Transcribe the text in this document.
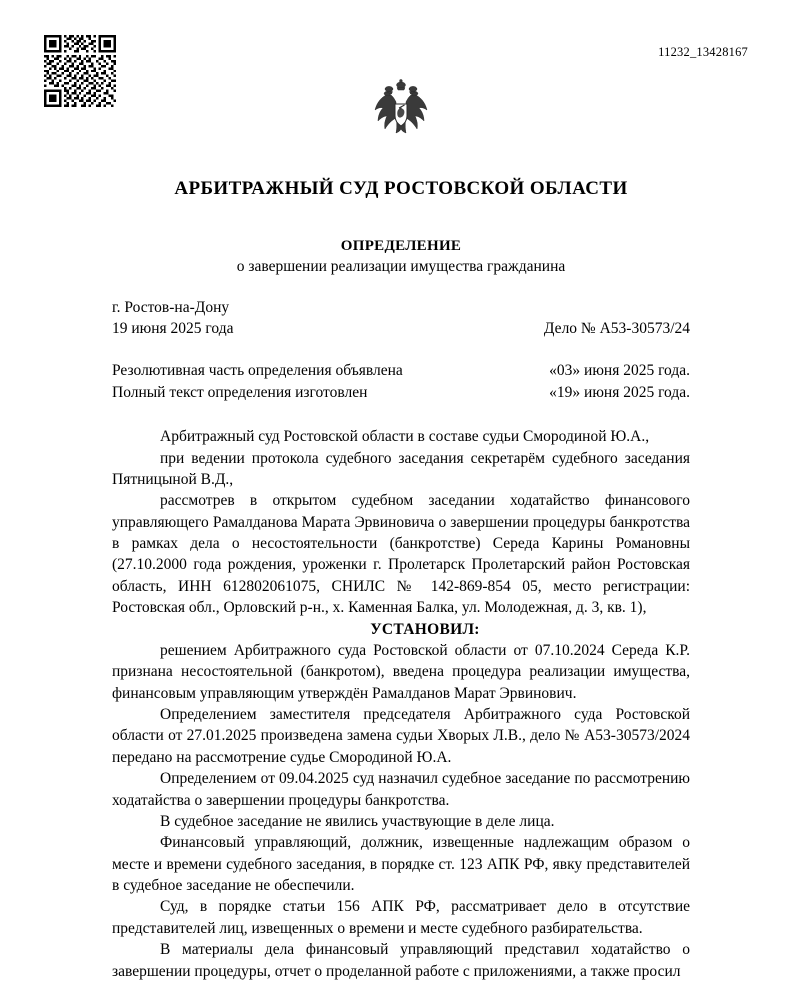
11232_13428167
АРБИТРАЖНЫЙ СУД РОСТОВСКОЙ ОБЛАСТИ
ОПРЕДЕЛЕНИЕ
о завершении реализации имущества гражданина
г. Ростов-на-Дону
19 июня 2025 года	Дело № А53-30573/24
Резолютивная часть определения объявлена	«03» июня 2025 года.
Полный текст определения изготовлен	«19» июня 2025 года.

Арбитражный суд Ростовской области в составе судьи Смородиной Ю.А.,

при ведении протокола судебного заседания секретарём судебного заседания Пятницыной В.Д.,

рассмотрев в открытом судебном заседании ходатайство финансового управляющего Рамалданова Марата Эрвиновича о завершении процедуры банкротства в рамках дела о несостоятельности (банкротстве) Середа Карины Романовны (27.10.2000 года рождения, уроженки г. Пролетарск Пролетарский район Ростовская область, ИНН 612802061075, СНИЛС № 142-869-854 05, место регистрации: Ростовская обл., Орловский р-н., х. Каменная Балка, ул. Молодежная, д. 3, кв. 1),

УСТАНОВИЛ:

решением Арбитражного суда Ростовской области от 07.10.2024 Середа К.Р. признана несостоятельной (банкротом), введена процедура реализации имущества, финансовым управляющим утверждён Рамалданов Марат Эрвинович.

Определением заместителя председателя Арбитражного суда Ростовской области от 27.01.2025 произведена замена судьи Хворых Л.В., дело № А53-30573/2024 передано на рассмотрение судье Смородиной Ю.А.

Определением от 09.04.2025 суд назначил судебное заседание по рассмотрению ходатайства о завершении процедуры банкротства.

В судебное заседание не явились участвующие в деле лица.

Финансовый управляющий, должник, извещенные надлежащим образом о месте и времени судебного заседания, в порядке ст. 123 АПК РФ, явку представителей в судебное заседание не обеспечили.

Суд, в порядке статьи 156 АПК РФ, рассматривает дело в отсутствие представителей лиц, извещенных о времени и месте судебного разбирательства.

В материалы дела финансовый управляющий представил ходатайство о завершении процедуры, отчет о проделанной работе с приложениями, а также просил
